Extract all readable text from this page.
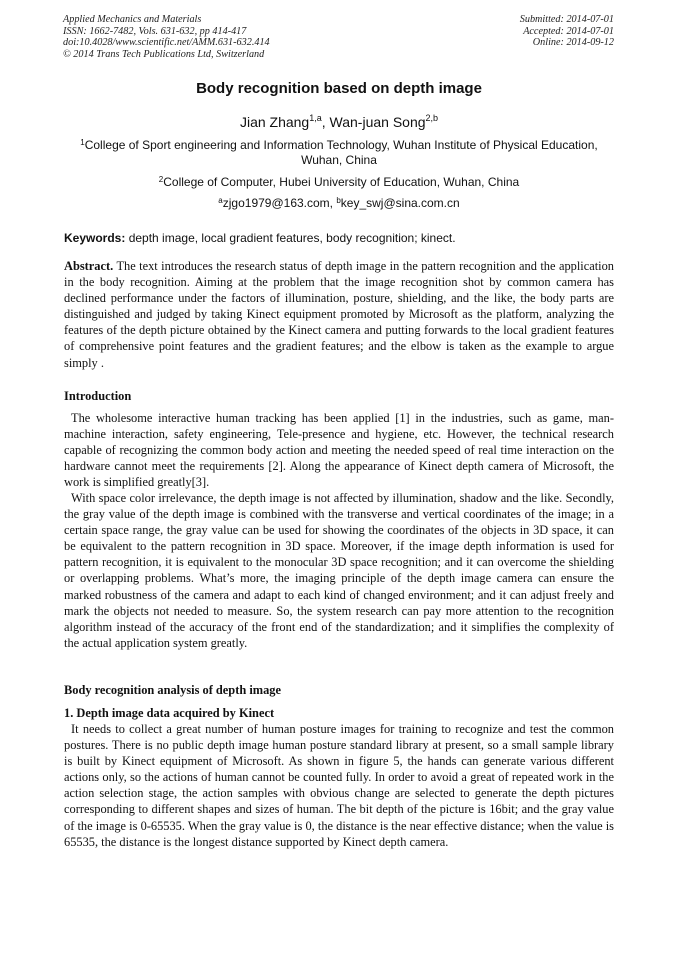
Applied Mechanics and Materials
ISSN: 1662-7482, Vols. 631-632, pp 414-417
doi:10.4028/www.scientific.net/AMM.631-632.414
© 2014 Trans Tech Publications Ltd, Switzerland
Submitted: 2014-07-01
Accepted: 2014-07-01
Online: 2014-09-12
Body recognition based on depth image
Jian Zhang$^{1,a}$, Wan-juan Song$^{2,b}$
$^1$College of Sport engineering and Information Technology, Wuhan Institute of Physical Education, Wuhan, China
$^2$College of Computer, Hubei University of Education, Wuhan, China
$^a$zjgo1979@163.com, $^b$key_swj@sina.com.cn
Keywords: depth image, local gradient features, body recognition; kinect.

Abstract. The text introduces the research status of depth image in the pattern recognition and the application in the body recognition. Aiming at the problem that the image recognition shot by common camera has declined performance under the factors of illumination, posture, shielding, and the like, the body parts are distinguished and judged by taking Kinect equipment promoted by Microsoft as the platform, analyzing the features of the depth picture obtained by the Kinect camera and putting forwards to the local gradient features of comprehensive point features and the gradient features; and the elbow is taken as the example to argue simply .

Introduction

The wholesome interactive human tracking has been applied [1] in the industries, such as game, man-machine interaction, safety engineering, Tele-presence and hygiene, etc. However, the technical research capable of recognizing the common body action and meeting the needed speed of real time interaction on the hardware cannot meet the requirements [2]. Along the appearance of Kinect depth camera of Microsoft, the work is simplified greatly[3].

With space color irrelevance, the depth image is not affected by illumination, shadow and the like. Secondly, the gray value of the depth image is combined with the transverse and vertical coordinates of the image; in a certain space range, the gray value can be used for showing the coordinates of the objects in 3D space, it can be equivalent to the pattern recognition in 3D space. Moreover, if the image depth information is used for pattern recognition, it is equivalent to the monocular 3D space recognition; and it can overcome the shielding or overlapping problems. What’s more, the imaging principle of the depth image camera can ensure the marked robustness of the camera and adapt to each kind of changed environment; and it can adjust freely and mark the objects not needed to measure. So, the system research can pay more attention to the recognition algorithm instead of the accuracy of the front end of the standardization; and it simplifies the complexity of the actual application system greatly.

Body recognition analysis of depth image
1. Depth image data acquired by Kinect

It needs to collect a great number of human posture images for training to recognize and test the common postures. There is no public depth image human posture standard library at present, so a small sample library is built by Kinect equipment of Microsoft. As shown in figure 5, the hands can generate various different actions only, so the actions of human cannot be counted fully. In order to avoid a great of repeated work in the action selection stage, the action samples with obvious change are selected to generate the depth pictures corresponding to different shapes and sizes of human. The bit depth of the picture is 16bit; and the gray value of the image is 0-65535. When the gray value is 0, the distance is the near effective distance; when the value is 65535, the distance is the longest distance supported by Kinect depth camera.
